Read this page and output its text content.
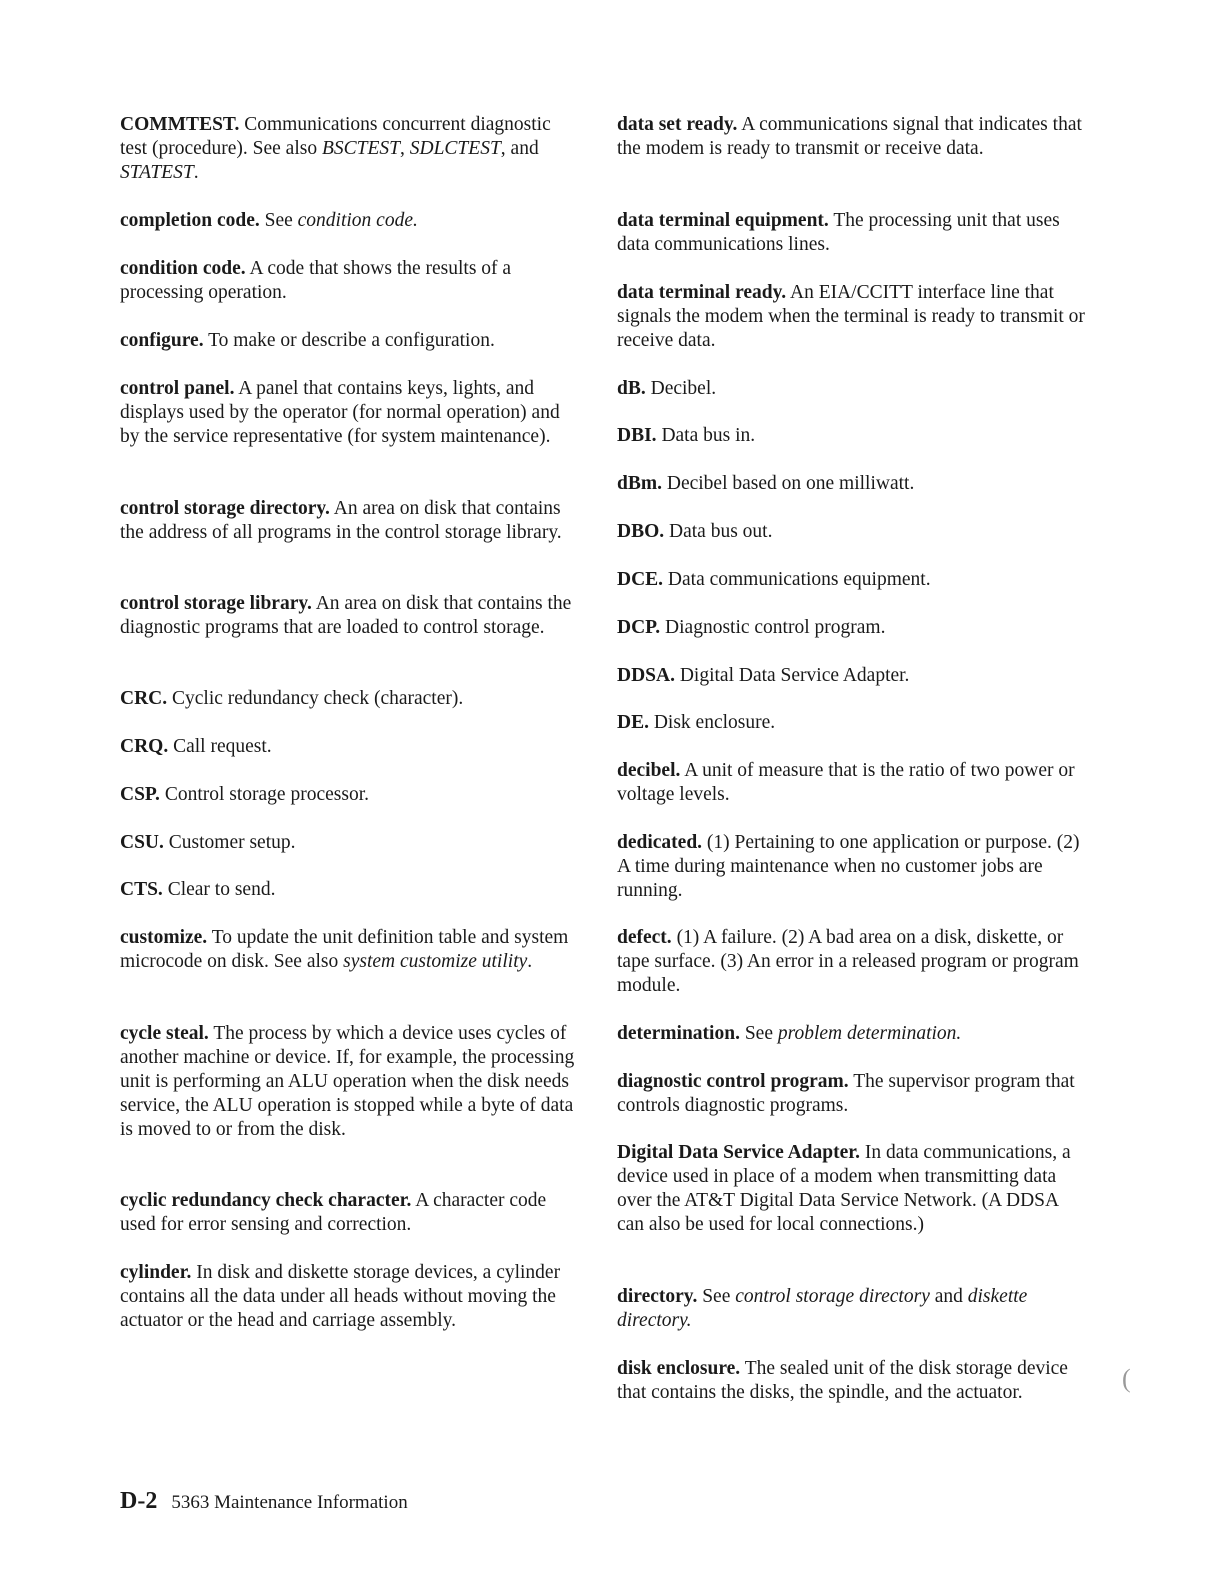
COMMTEST. Communications concurrent diagnostic test (procedure). See also BSCTEST, SDLCTEST, and STATEST.

completion code. See condition code.

condition code. A code that shows the results of a processing operation.

configure. To make or describe a configuration.

control panel. A panel that contains keys, lights, and displays used by the operator (for normal operation) and by the service representative (for system maintenance).

control storage directory. An area on disk that contains the address of all programs in the control storage library.

control storage library. An area on disk that contains the diagnostic programs that are loaded to control storage.

CRC. Cyclic redundancy check (character).

CRQ. Call request.

CSP. Control storage processor.

CSU. Customer setup.

CTS. Clear to send.

customize. To update the unit definition table and system microcode on disk. See also system customize utility.

cycle steal. The process by which a device uses cycles of another machine or device. If, for example, the processing unit is performing an ALU operation when the disk needs service, the ALU operation is stopped while a byte of data is moved to or from the disk.

cyclic redundancy check character. A character code used for error sensing and correction.

cylinder. In disk and diskette storage devices, a cylinder contains all the data under all heads without moving the actuator or the head and carriage assembly.

data set ready. A communications signal that indicates that the modem is ready to transmit or receive data.

data terminal equipment. The processing unit that uses data communications lines.

data terminal ready. An EIA/CCITT interface line that signals the modem when the terminal is ready to transmit or receive data.

dB. Decibel.

DBI. Data bus in.

dBm. Decibel based on one milliwatt.

DBO. Data bus out.

DCE. Data communications equipment.

DCP. Diagnostic control program.

DDSA. Digital Data Service Adapter.

DE. Disk enclosure.

decibel. A unit of measure that is the ratio of two power or voltage levels.

dedicated. (1) Pertaining to one application or purpose. (2) A time during maintenance when no customer jobs are running.

defect. (1) A failure. (2) A bad area on a disk, diskette, or tape surface. (3) An error in a released program or program module.

determination. See problem determination.

diagnostic control program. The supervisor program that controls diagnostic programs.

Digital Data Service Adapter. In data communications, a device used in place of a modem when transmitting data over the AT&T Digital Data Service Network. (A DDSA can also be used for local connections.)

directory. See control storage directory and diskette directory.

disk enclosure. The sealed unit of the disk storage device that contains the disks, the spindle, and the actuator.

D-2 5363 Maintenance Information
(
